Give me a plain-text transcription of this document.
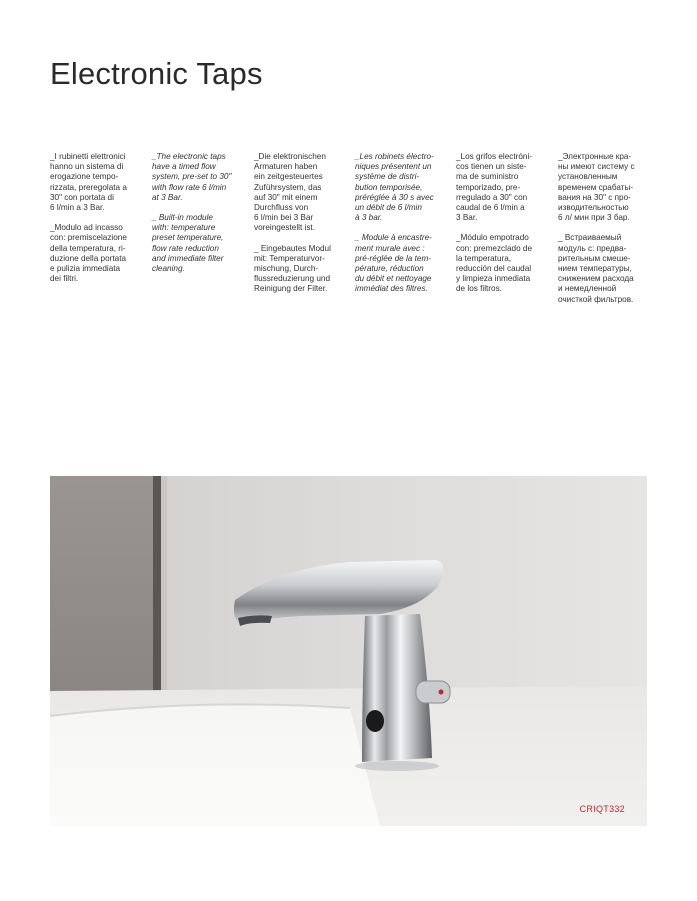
Electronic Taps

_I rubinetti elettronici
hanno un sistema di
erogazione tempo-
rizzata, preregolata a
30" con portata di
6 l/min a 3 Bar.

_Modulo ad incasso
con: premiscelazione
della temperatura, ri-
duzione della portata
e pulizia immediata
dei filtri.

_The electronic taps
have a timed flow
system, pre-set to 30"
with flow rate 6 l/min
at 3 Bar.

_ Built-in module
with: temperature
preset temperature,
flow rate reduction
and immediate filter
cleaning.

_Die elektronischen
Armaturen haben
ein zeitgesteuertes
Zuführsystem, das
auf 30" mit einem
Durchfluss von
6 l/min bei 3 Bar
voreingestellt ist.

_ Eingebautes Modul
mit: Temperaturvor-
mischung, Durch-
flussreduzierung und
Reinigung der Filter.

_Les robinets électro-
niques présentent un
système de distri-
bution temporisée,
préréglée à 30 s avec
un débit de 6 l/min
à 3 bar.

_ Module à encastre-
ment murale avec :
pré-réglée de la tem-
pérature, réduction
du débit et nettoyage
immédiat des filtres.

_Los grifos electróni-
cos tienen un siste-
ma de suministro
temporizado, pre-
rregulado a 30" con
caudal de 6 l/min a
3 Bar.

_Módulo empotrado
con: premezclado de
la temperatura,
reducción del caudal
y limpieza inmediata
de los filtros.

_Электронные кра-
ны имеют систему с
установленным
временем срабаты-
вания на 30" с про-
изводительностью
6 л/ мин при 3 бар.

_ Встраиваемый
модуль с: предва-
рительным смеше-
нием температуры,
снижением расхода
и немедленной
очисткой фильтров.

CRIQT332
